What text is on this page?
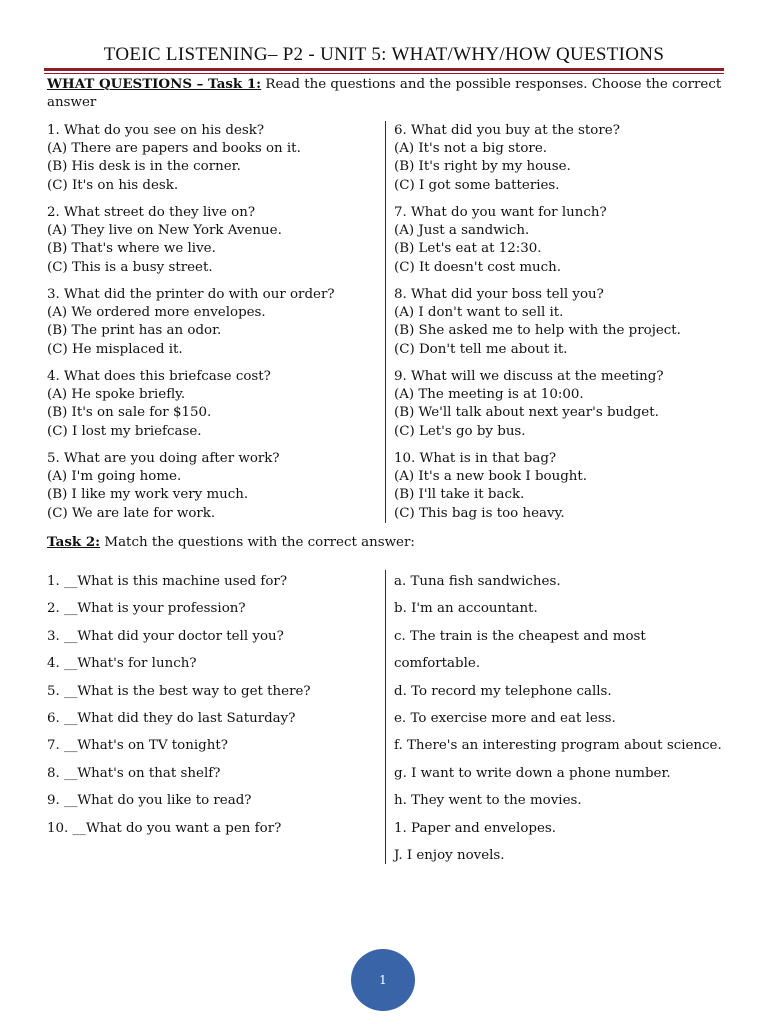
TOEIC LISTENING– P2 - UNIT 5: WHAT/WHY/HOW QUESTIONS
WHAT QUESTIONS – Task 1: Read the questions and the possible responses. Choose the correct answer
1. What do you see on his desk?
(A) There are papers and books on it.
(B) His desk is in the corner.
(C) It's on his desk.
2. What street do they live on?
(A) They live on New York Avenue.
(B) That's where we live.
(C) This is a busy street.
3. What did the printer do with our order?
(A) We ordered more envelopes.
(B) The print has an odor.
(C) He misplaced it.
4. What does this briefcase cost?
(A) He spoke briefly.
(B) It's on sale for $150.
(C) I lost my briefcase.
5. What are you doing after work?
(A) I'm going home.
(B) I like my work very much.
(C) We are late for work.
6. What did you buy at the store?
(A) It's not a big store.
(B) It's right by my house.
(C) I got some batteries.
7. What do you want for lunch?
(A) Just a sandwich.
(B) Let's eat at 12:30.
(C) It doesn't cost much.
8. What did your boss tell you?
(A) I don't want to sell it.
(B) She asked me to help with the project.
(C) Don't tell me about it.
9. What will we discuss at the meeting?
(A) The meeting is at 10:00.
(B) We'll talk about next year's budget.
(C) Let's go by bus.
10. What is in that bag?
(A) It's a new book I bought.
(B) I'll take it back.
(C) This bag is too heavy.
Task 2: Match the questions with the correct answer:
1. __What is this machine used for?
2. __What is your profession?
3. __What did your doctor tell you?
4. __What's for lunch?
5. __What is the best way to get there?
6. __What did they do last Saturday?
7. __What's on TV tonight?
8. __What's on that shelf?
9. __What do you like to read?
10. __What do you want a pen for?
a. Tuna fish sandwiches.
b. I'm an accountant.
c. The train is the cheapest and most
comfortable.
d. To record my telephone calls.
e. To exercise more and eat less.
f. There's an interesting program about science.
g. I want to write down a phone number.
h. They went to the movies.
1. Paper and envelopes.
J. I enjoy novels.
1
